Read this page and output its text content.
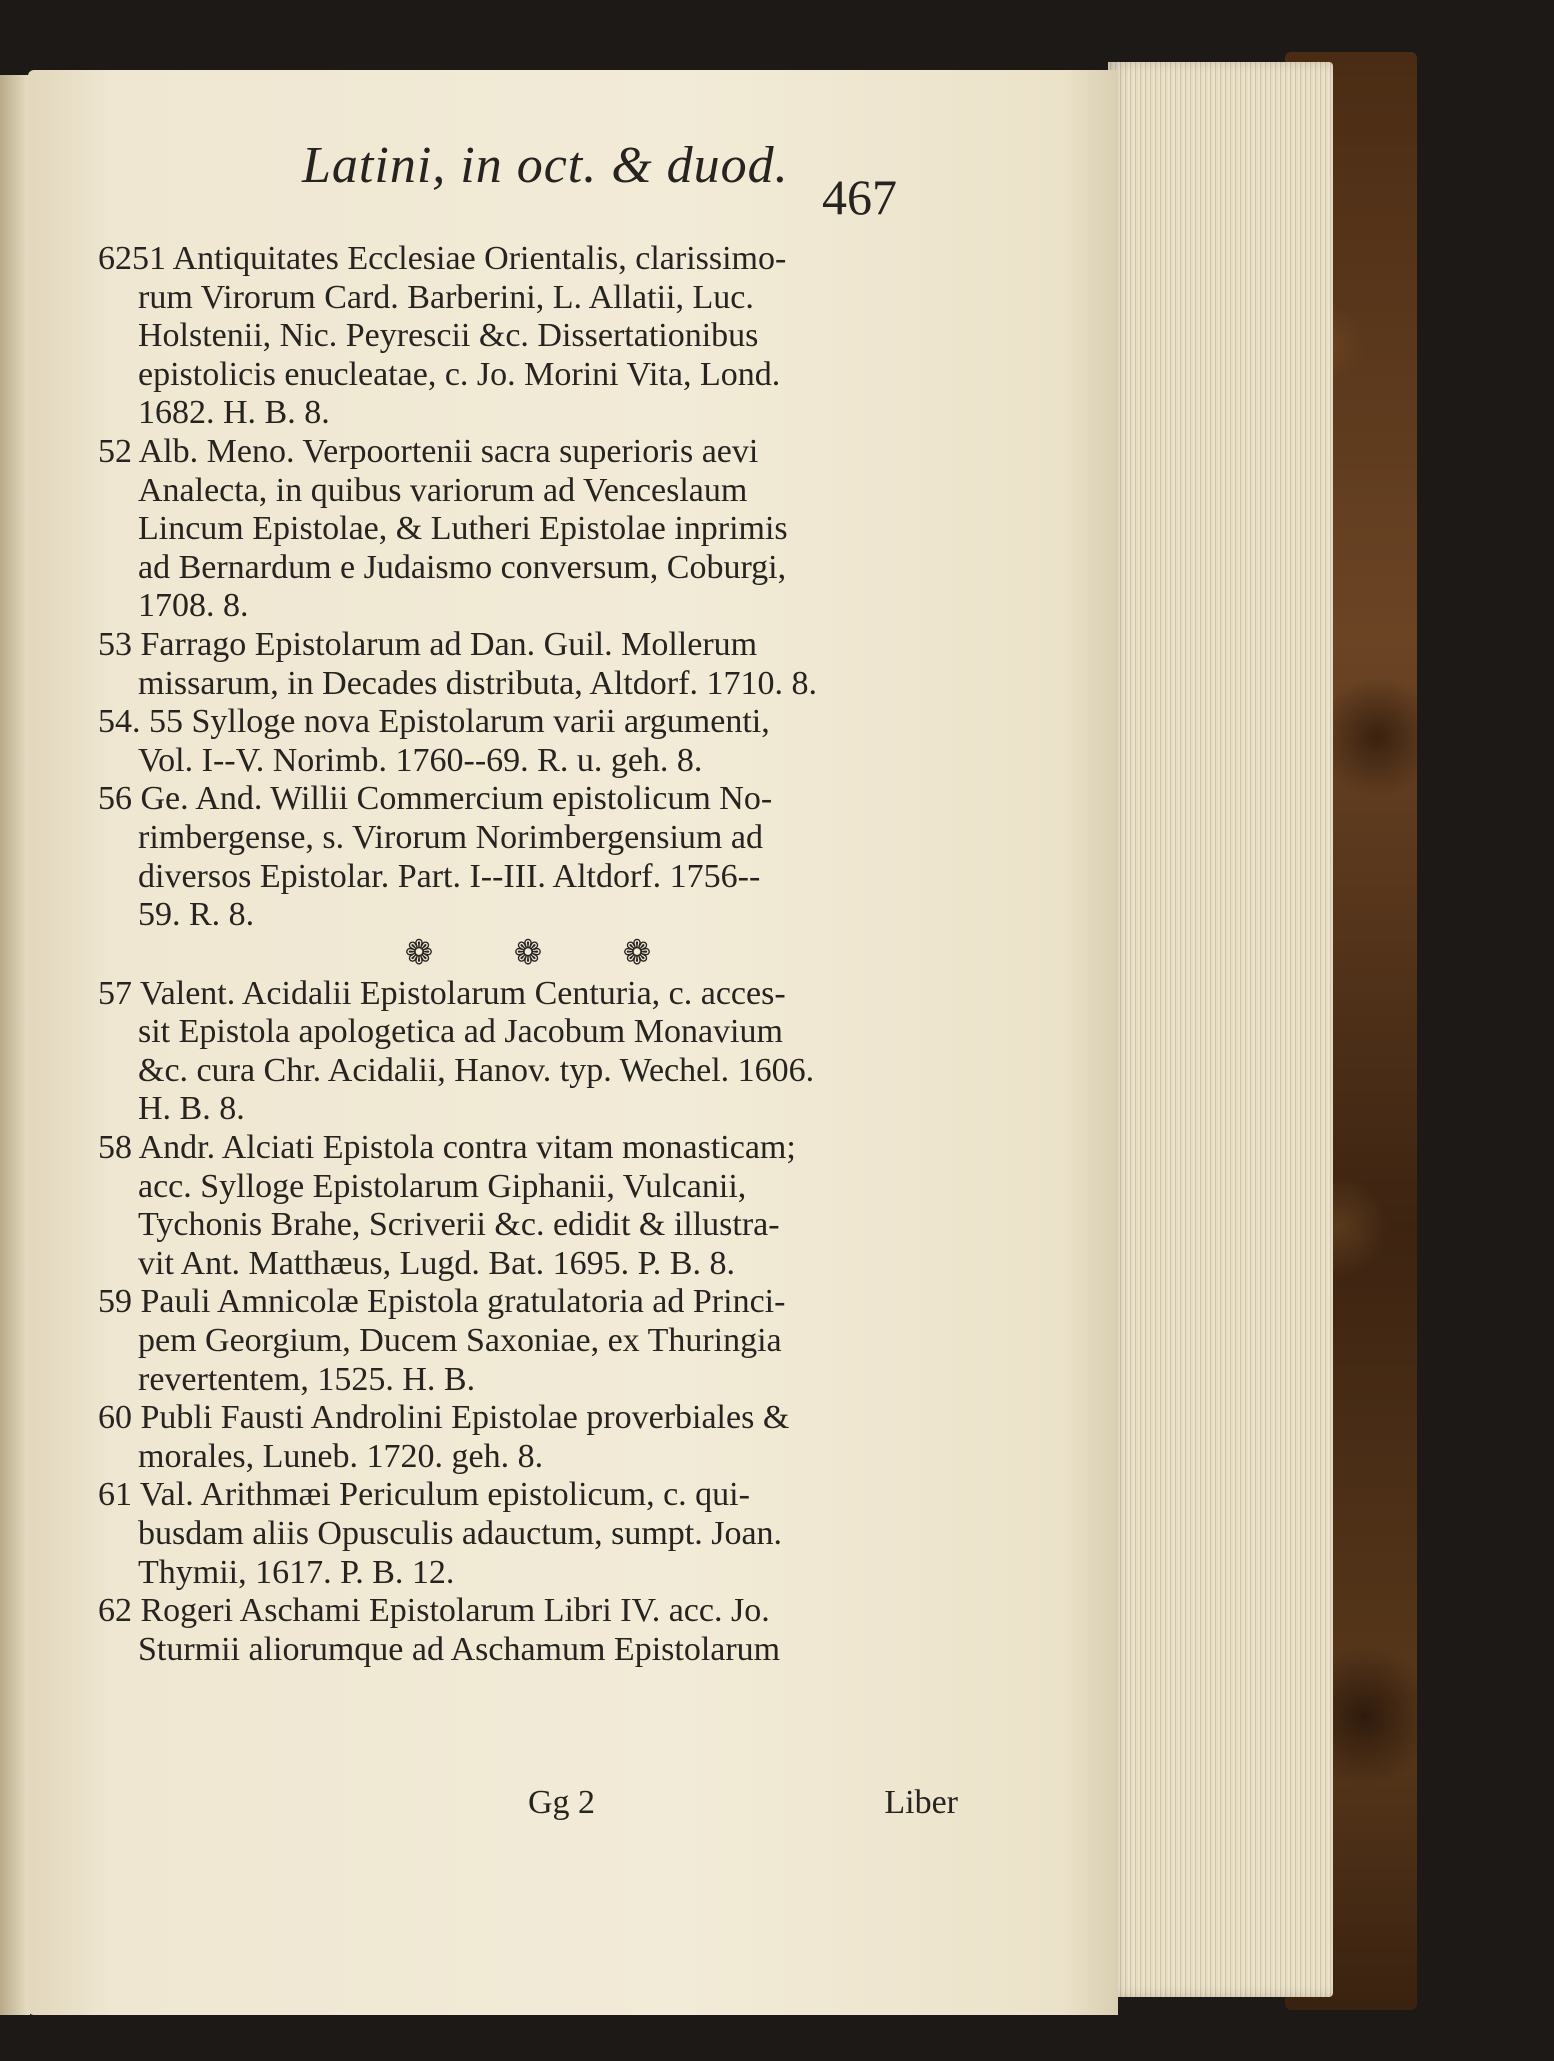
Latini, in oct. & duod.
467
6251 Antiquitates Ecclesiae Orientalis, clarissimo-
rum Virorum Card. Barberini, L. Allatii, Luc.
Holstenii, Nic. Peyrescii &c. Dissertationibus
epistolicis enucleatae, c. Jo. Morini Vita, Lond.
1682. H. B. 8.
52 Alb. Meno. Verpoortenii sacra superioris aevi
Analecta, in quibus variorum ad Venceslaum
Lincum Epistolae, & Lutheri Epistolae inprimis
ad Bernardum e Judaismo conversum, Coburgi,
1708. 8.
53 Farrago Epistolarum ad Dan. Guil. Mollerum
missarum, in Decades distributa, Altdorf. 1710. 8.
54. 55 Sylloge nova Epistolarum varii argumenti,
Vol. I--V. Norimb. 1760--69. R. u. geh. 8.
56 Ge. And. Willii Commercium epistolicum No-
rimbergense, s. Virorum Norimbergensium ad
diversos Epistolar. Part. I--III. Altdorf. 1756--
59. R. 8.
❁ ❁ ❁
57 Valent. Acidalii Epistolarum Centuria, c. acces-
sit Epistola apologetica ad Jacobum Monavium
&c. cura Chr. Acidalii, Hanov. typ. Wechel. 1606.
H. B. 8.
58 Andr. Alciati Epistola contra vitam monasticam;
acc. Sylloge Epistolarum Giphanii, Vulcanii,
Tychonis Brahe, Scriverii &c. edidit & illustra-
vit Ant. Matthæus, Lugd. Bat. 1695. P. B. 8.
59 Pauli Amnicolæ Epistola gratulatoria ad Princi-
pem Georgium, Ducem Saxoniae, ex Thuringia
revertentem, 1525. H. B.
60 Publi Fausti Androlini Epistolae proverbiales &
morales, Luneb. 1720. geh. 8.
61 Val. Arithmæi Periculum epistolicum, c. qui-
busdam aliis Opusculis adauctum, sumpt. Joan.
Thymii, 1617. P. B. 12.
62 Rogeri Aschami Epistolarum Libri IV. acc. Jo.
Sturmii aliorumque ad Aschamum Epistolarum
Gg 2	Liber
